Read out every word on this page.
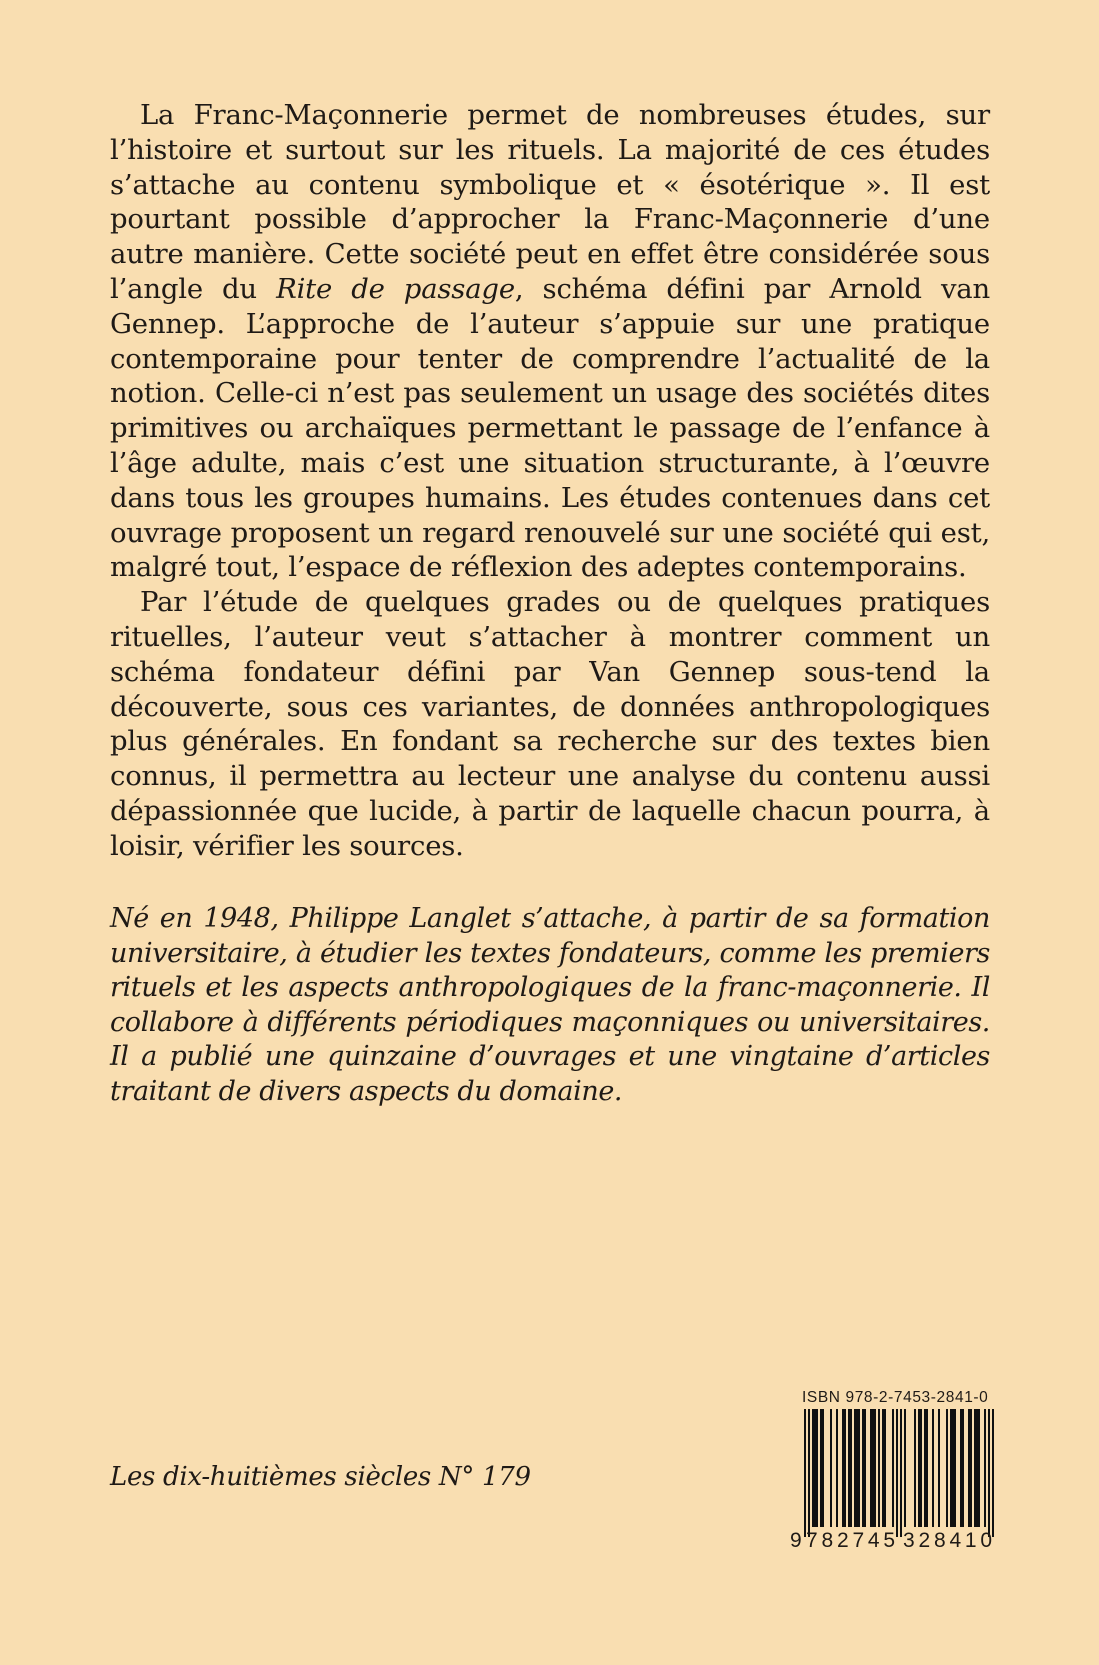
La Franc-Maçonnerie permet de nombreuses études, sur l’histoire et surtout sur les rituels. La majorité de ces études s’attache au contenu symbolique et « ésotérique ». Il est pourtant possible d’approcher la Franc-Maçonnerie d’une autre manière. Cette société peut en effet être considérée sous l’angle du Rite de passage, schéma défini par Arnold van Gennep. L’approche de l’auteur s’appuie sur une pratique contemporaine pour tenter de comprendre l’actualité de la notion. Celle-ci n’est pas seulement un usage des sociétés dites primitives ou archaïques permettant le passage de l’enfance à l’âge adulte, mais c’est une situation structurante, à l’œuvre dans tous les groupes humains. Les études contenues dans cet ouvrage proposent un regard renouvelé sur une société qui est, malgré tout, l’espace de réflexion des adeptes contemporains.

Par l’étude de quelques grades ou de quelques pratiques rituelles, l’auteur veut s’attacher à montrer comment un schéma fondateur défini par Van Gennep sous-tend la découverte, sous ces variantes, de données anthropologiques plus générales. En fondant sa recherche sur des textes bien connus, il permettra au lecteur une analyse du contenu aussi dépassionnée que lucide, à partir de laquelle chacun pourra, à loisir, vérifier les sources.

Né en 1948, Philippe Langlet s’attache, à partir de sa formation universitaire, à étudier les textes fondateurs, comme les premiers rituels et les aspects anthropologiques de la franc-maçonnerie. Il collabore à différents périodiques maçonniques ou universitaires. Il a publié une quinzaine d’ouvrages et une vingtaine d’articles traitant de divers aspects du domaine.

Les dix-huitièmes siècles N° 179
ISBN 978-2-7453-2841-0
9 782745 328410
